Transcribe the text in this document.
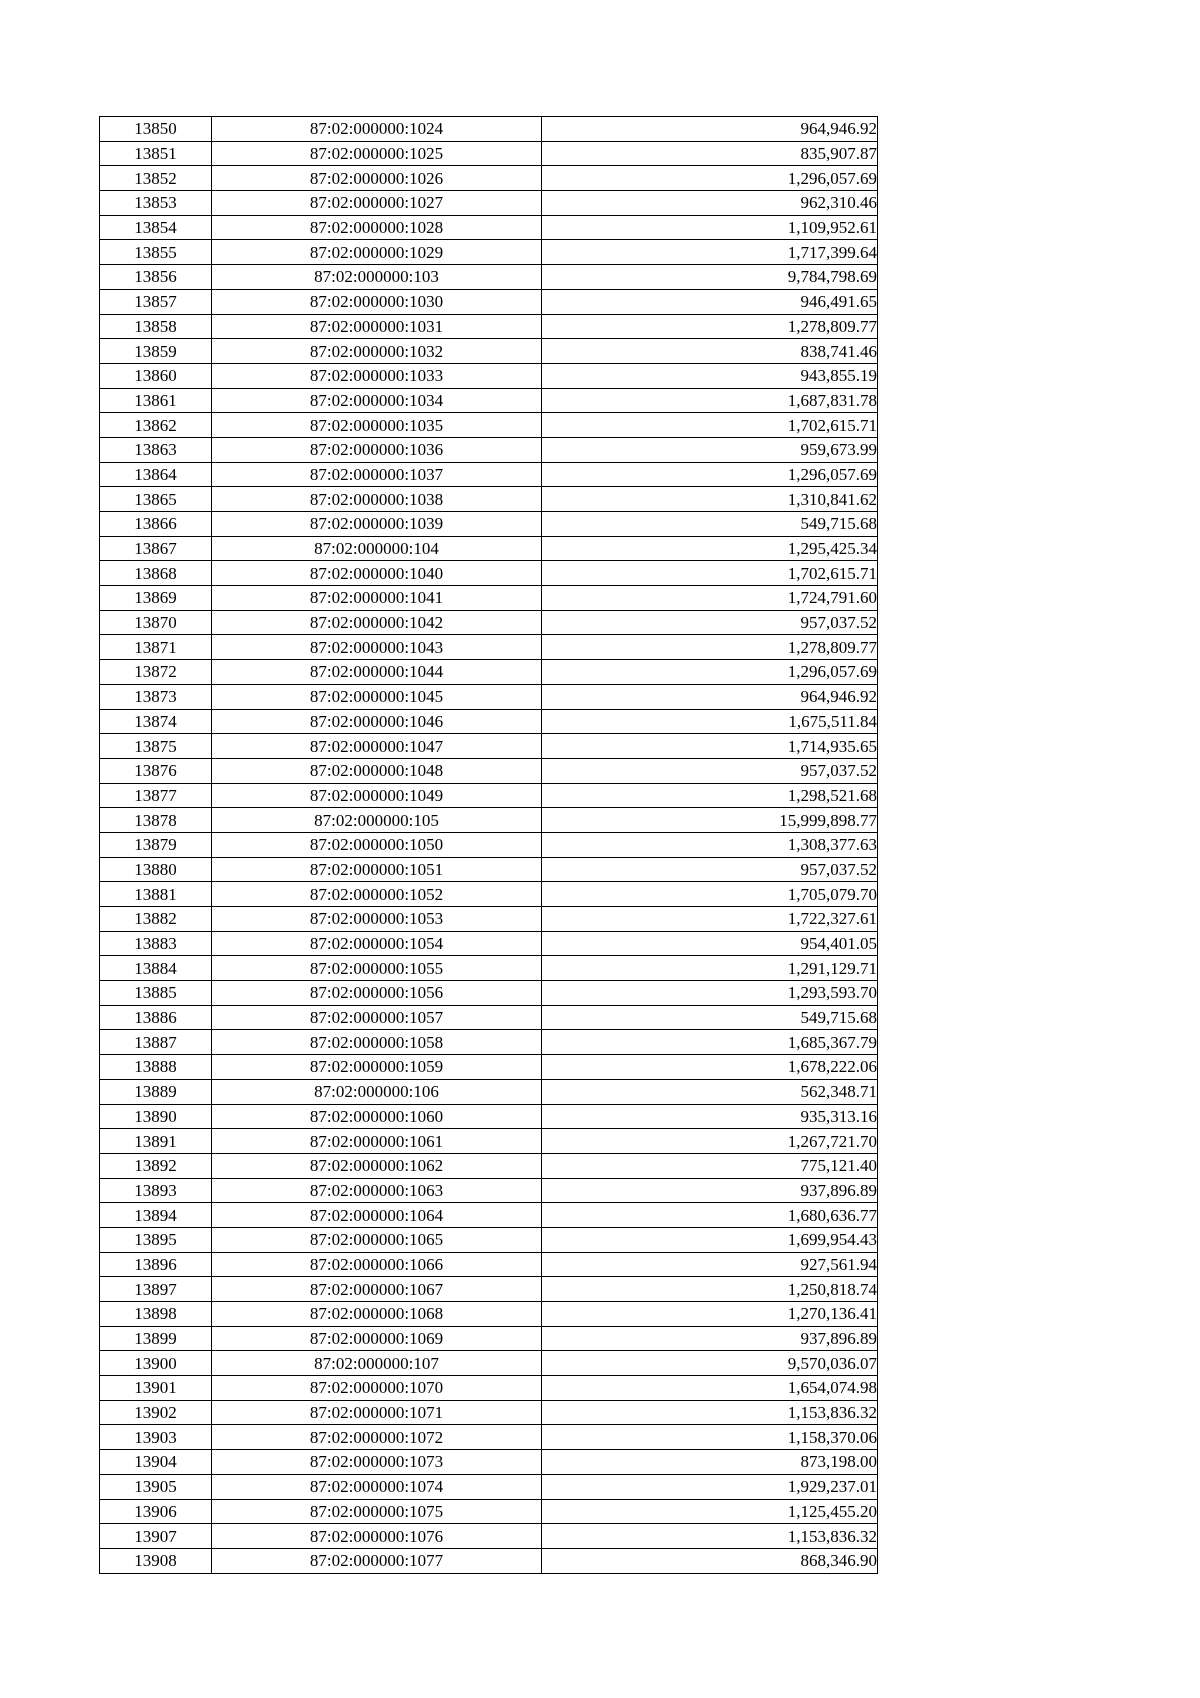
13850	87:02:000000:1024	964,946.92
13851	87:02:000000:1025	835,907.87
13852	87:02:000000:1026	1,296,057.69
13853	87:02:000000:1027	962,310.46
13854	87:02:000000:1028	1,109,952.61
13855	87:02:000000:1029	1,717,399.64
13856	87:02:000000:103	9,784,798.69
13857	87:02:000000:1030	946,491.65
13858	87:02:000000:1031	1,278,809.77
13859	87:02:000000:1032	838,741.46
13860	87:02:000000:1033	943,855.19
13861	87:02:000000:1034	1,687,831.78
13862	87:02:000000:1035	1,702,615.71
13863	87:02:000000:1036	959,673.99
13864	87:02:000000:1037	1,296,057.69
13865	87:02:000000:1038	1,310,841.62
13866	87:02:000000:1039	549,715.68
13867	87:02:000000:104	1,295,425.34
13868	87:02:000000:1040	1,702,615.71
13869	87:02:000000:1041	1,724,791.60
13870	87:02:000000:1042	957,037.52
13871	87:02:000000:1043	1,278,809.77
13872	87:02:000000:1044	1,296,057.69
13873	87:02:000000:1045	964,946.92
13874	87:02:000000:1046	1,675,511.84
13875	87:02:000000:1047	1,714,935.65
13876	87:02:000000:1048	957,037.52
13877	87:02:000000:1049	1,298,521.68
13878	87:02:000000:105	15,999,898.77
13879	87:02:000000:1050	1,308,377.63
13880	87:02:000000:1051	957,037.52
13881	87:02:000000:1052	1,705,079.70
13882	87:02:000000:1053	1,722,327.61
13883	87:02:000000:1054	954,401.05
13884	87:02:000000:1055	1,291,129.71
13885	87:02:000000:1056	1,293,593.70
13886	87:02:000000:1057	549,715.68
13887	87:02:000000:1058	1,685,367.79
13888	87:02:000000:1059	1,678,222.06
13889	87:02:000000:106	562,348.71
13890	87:02:000000:1060	935,313.16
13891	87:02:000000:1061	1,267,721.70
13892	87:02:000000:1062	775,121.40
13893	87:02:000000:1063	937,896.89
13894	87:02:000000:1064	1,680,636.77
13895	87:02:000000:1065	1,699,954.43
13896	87:02:000000:1066	927,561.94
13897	87:02:000000:1067	1,250,818.74
13898	87:02:000000:1068	1,270,136.41
13899	87:02:000000:1069	937,896.89
13900	87:02:000000:107	9,570,036.07
13901	87:02:000000:1070	1,654,074.98
13902	87:02:000000:1071	1,153,836.32
13903	87:02:000000:1072	1,158,370.06
13904	87:02:000000:1073	873,198.00
13905	87:02:000000:1074	1,929,237.01
13906	87:02:000000:1075	1,125,455.20
13907	87:02:000000:1076	1,153,836.32
13908	87:02:000000:1077	868,346.90
